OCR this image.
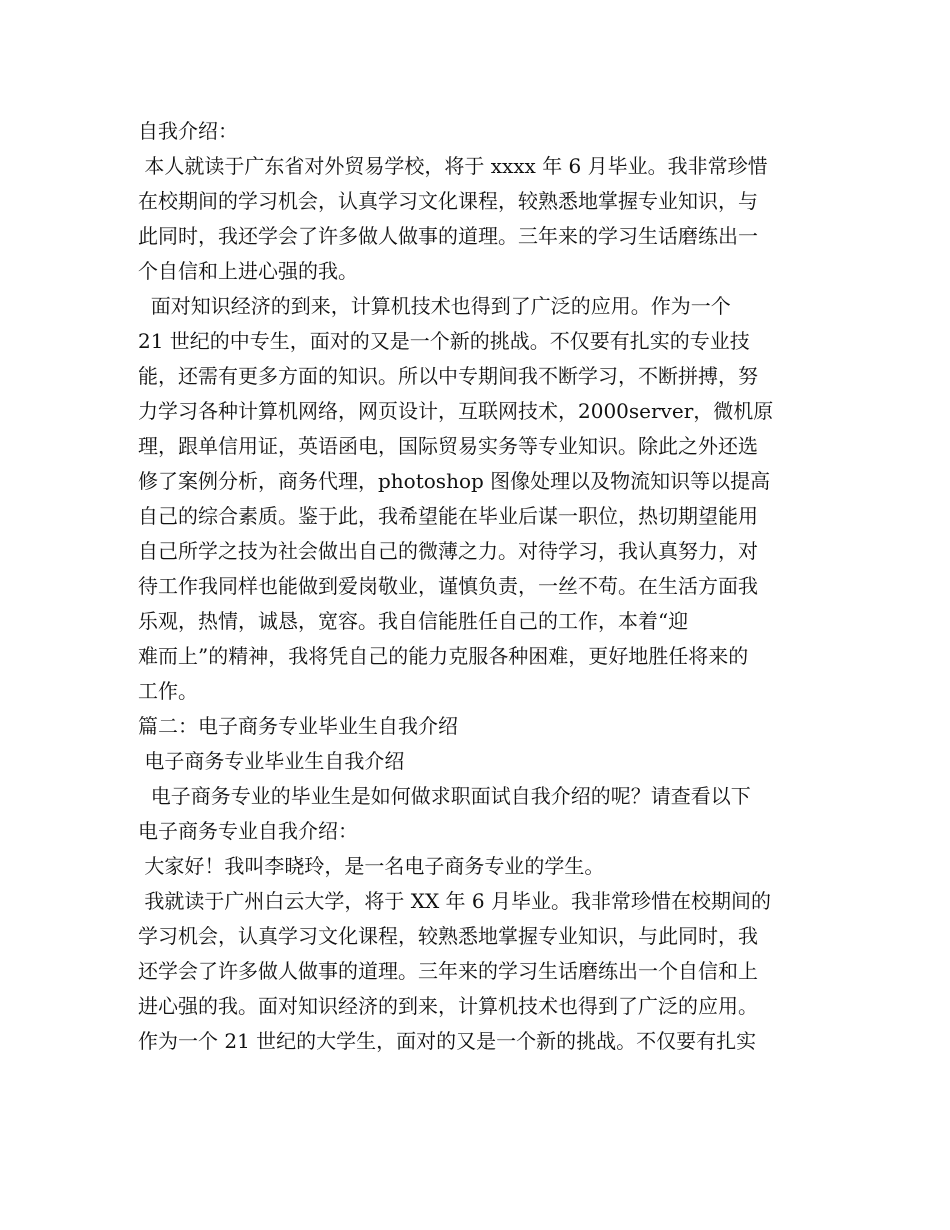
自我介绍：
本人就读于广东省对外贸易学校，将于 xxxx 年 6 月毕业。我非常珍惜
在校期间的学习机会，认真学习文化课程，较熟悉地掌握专业知识，与
此同时，我还学会了许多做人做事的道理。三年来的学习生话磨练出一
个自信和上进心强的我。
面对知识经济的到来，计算机技术也得到了广泛的应用。作为一个
21 世纪的中专生，面对的又是一个新的挑战。不仅要有扎实的专业技
能，还需有更多方面的知识。所以中专期间我不断学习，不断拼搏，努
力学习各种计算机网络，网页设计，互联网技术，2000server，微机原
理，跟单信用证，英语函电，国际贸易实务等专业知识。除此之外还选
修了案例分析，商务代理，photoshop 图像处理以及物流知识等以提高
自己的综合素质。鉴于此，我希望能在毕业后谋一职位，热切期望能用
自己所学之技为社会做出自己的微薄之力。对待学习，我认真努力，对
待工作我同样也能做到爱岗敬业，谨慎负责，一丝不苟。在生活方面我
乐观，热情，诚恳，宽容。我自信能胜任自己的工作，本着“迎
难而上”的精神，我将凭自己的能力克服各种困难，更好地胜任将来的
工作。
篇二：电子商务专业毕业生自我介绍
电子商务专业毕业生自我介绍
电子商务专业的毕业生是如何做求职面试自我介绍的呢？请查看以下
电子商务专业自我介绍：
大家好！我叫李晓玲，是一名电子商务专业的学生。
我就读于广州白云大学，将于 XX 年 6 月毕业。我非常珍惜在校期间的
学习机会，认真学习文化课程，较熟悉地掌握专业知识，与此同时，我
还学会了许多做人做事的道理。三年来的学习生话磨练出一个自信和上
进心强的我。面对知识经济的到来，计算机技术也得到了广泛的应用。
作为一个 21 世纪的大学生，面对的又是一个新的挑战。不仅要有扎实
